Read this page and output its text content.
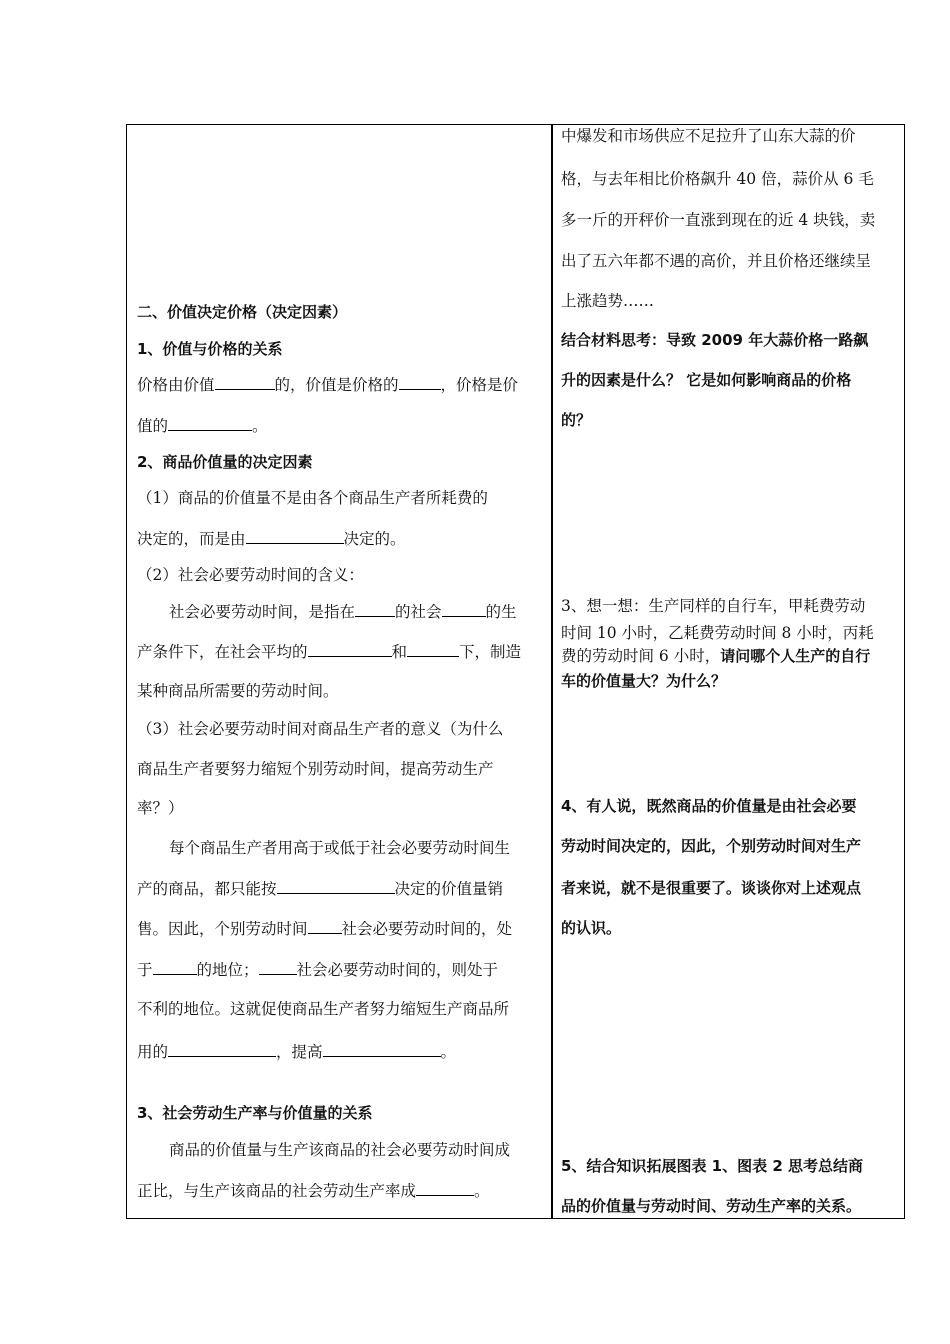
二、价值决定价格（决定因素）
1、价值与价格的关系
价格由价值	的，价值是价格的	，价格是价
值的	。
2、商品价值量的决定因素
（1）商品的价值量不是由各个商品生产者所耗费的
决定的，而是由	决定的。
（2）社会必要劳动时间的含义：
社会必要劳动时间，是指在	的社会	的生
产条件下，在社会平均的	和	下，制造
某种商品所需要的劳动时间。
（3）社会必要劳动时间对商品生产者的意义（为什么
商品生产者要努力缩短个别劳动时间，提高劳动生产
率？）
每个商品生产者用高于或低于社会必要劳动时间生
产的商品，都只能按	决定的价值量销
售。因此，个别劳动时间 社会必要劳动时间的，处
于	的地位； 社会必要劳动时间的，则处于
不利的地位。这就促使商品生产者努力缩短生产商品所
用的	，提高	。
3、社会劳动生产率与价值量的关系
商品的价值量与生产该商品的社会必要劳动时间成
正比，与生产该商品的社会劳动生产率成	。
中爆发和市场供应不足拉升了山东大蒜的价
格，与去年相比价格飙升 40 倍，蒜价从 6 毛
多一斤的开秤价一直涨到现在的近 4 块钱，卖
出了五六年都不遇的高价，并且价格还继续呈
上涨趋势……
结合材料思考：导致 2009 年大蒜价格一路飙
升的因素是什么？ 它是如何影响商品的价格
的？
3、想一想：生产同样的自行车，甲耗费劳动
时间 10 小时，乙耗费劳动时间 8 小时，丙耗
费的劳动时间 6 小时，请问哪个人生产的自行
车的价值量大？为什么？
4、有人说，既然商品的价值量是由社会必要
劳动时间决定的，因此，个别劳动时间对生产
者来说，就不是很重要了。谈谈你对上述观点
的认识。
5、结合知识拓展图表 1、图表 2 思考总结商
品的价值量与劳动时间、劳动生产率的关系。
